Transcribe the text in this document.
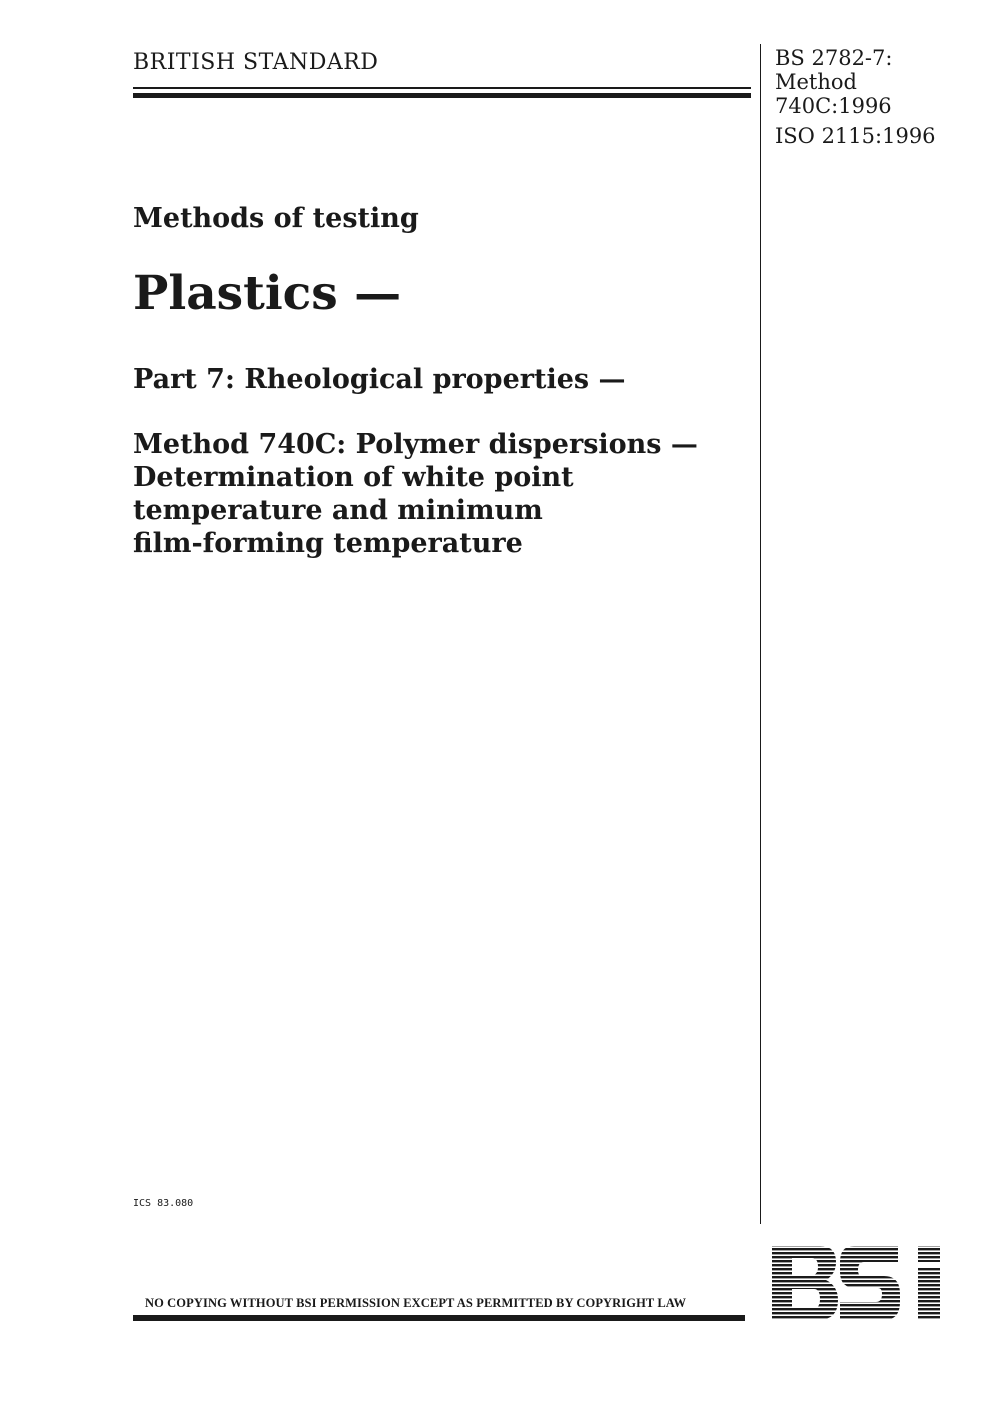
BRITISH STANDARD	BS 2782-7:
Method
740C:1996
ISO 2115:1996
Methods of testing
Plastics —
Part 7: Rheological properties —
Method 740C: Polymer dispersions —
Determination of white point
temperature and minimum
film-forming temperature
ICS 83.080
NO COPYING WITHOUT BSI PERMISSION EXCEPT AS PERMITTED BY COPYRIGHT LAW
